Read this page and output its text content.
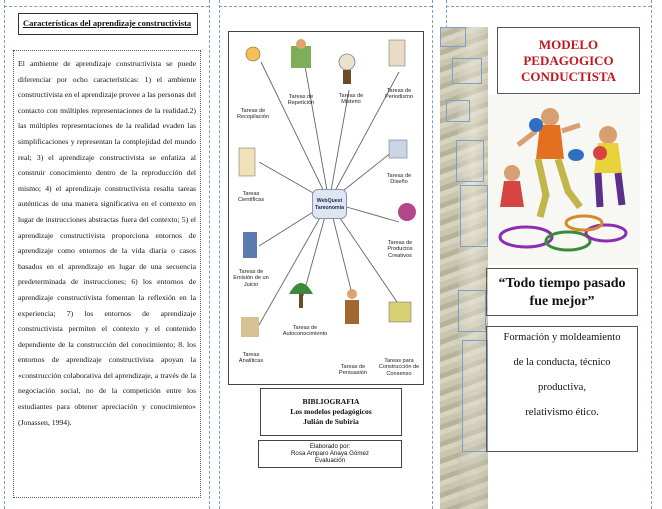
Características del aprendizaje constructivista

El ambiente de aprendizaje constructivista se puede diferenciar por ocho características: 1) el ambiente constructivista en el aprendizaje provee a las personas del contacto con múltiples representaciones de la realidad.2) las múltiples representaciones de la realidad evaden las simplificaciones y representan la complejidad del mundo real; 3) el aprendizaje constructivista se enfatiza al construir conocimiento dentro de la reproducción del mismo; 4) el aprendizaje constructivista resalta tareas auténticas de una manera significativa en el contexto en lugar de instrucciones abstractas fuera del contexto; 5) el aprendizaje constructivista proporciona entornos de aprendizaje como entornos de la vida diaria o casos basados en el aprendizaje en lugar de una secuencia predeterminada de instrucciones; 6) los entornos de aprendizaje constructivista fomentan la reflexión en la experiencia; 7) los entornos de aprendizaje constructivista permiten el contexto y el contenido dependiente de la construcción del conocimiento; 8. los entornos de aprendizaje constructivista apoyan la «construcción colaborativa del aprendizaje, a través de la negociación social, no de la competición entre los estudiantes para obtener apreciación y conocimiento» (Jonassen, 1994).

WebQuest Tareonomía
Tareas de Recopilación
Tareas de Repetición
Tareas de Misterio
Tareas de Periodismo
Tareas Científicas
Tareas de Diseño
Tareas de Productos Creativos
Tareas de Emisión de un Juicio
Tareas Analíticas
Tareas de Autoconocimiento
Tareas de Persuasión
Tareas para Construcción de Consenso
BIBLIOGRAFIA
Los modelos pedagógicos
Julián de Subiría
Elaborado por:
Rosa Amparo Anaya Gómez
Evaluación
MODELO
PEDAGOGICO
CONDUCTISTA
“Todo tiempo pasado
fue mejor”

Formación y moldeamiento

de la conducta, técnico

productiva,

relativismo ético.
